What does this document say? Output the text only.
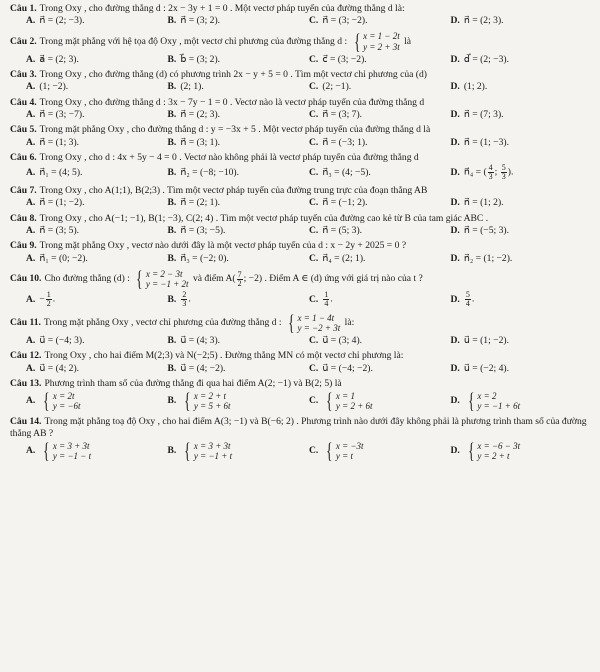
Câu 1. Trong Oxy , cho đường thẳng d : 2x − 3y + 1 = 0 . Một vectơ pháp tuyến của đường thẳng d là:
A. n⃗ = (2; −3).	B. n⃗ = (3; 2).	C. n⃗ = (3; −2).	D. n⃗ = (2; 3).
Câu 2. Trong mặt phẳng với hệ tọa độ Oxy , một vectơ chỉ phương của đường thẳng d : { x = 1 − 2t
y = 2 + 3t là
A. a⃗ = (2; 3).	B. b⃗ = (3; 2).	C. c⃗ = (3; −2).	D. d⃗ = (2; −3).
Câu 3. Trong Oxy , cho đường thẳng (d) có phương trình 2x − y + 5 = 0 . Tìm một vectơ chỉ phương của (d)
A. (1; −2).	B. (2; 1).	C. (2; −1).	D. (1; 2).
Câu 4. Trong Oxy , cho đường thẳng d : 3x − 7y − 1 = 0 . Vectơ nào là vectơ pháp tuyến của đường thẳng d
A. n⃗ = (3; −7).	B. n⃗ = (2; 3).	C. n⃗ = (3; 7).	D. n⃗ = (7; 3).
Câu 5. Trong mặt phẳng Oxy , cho đường thẳng d : y = −3x + 5 . Một vectơ pháp tuyến của đường thẳng d là
A. n⃗ = (1; 3).	B. n⃗ = (3; 1).	C. n⃗ = (−3; 1).	D. n⃗ = (1; −3).
Câu 6. Trong Oxy , cho d : 4x + 5y − 4 = 0 . Vectơ nào không phải là vectơ pháp tuyến của đường thẳng d
A. n⃗₁ = (4; 5).	B. n⃗₂ = (−8; −10).	C. n⃗₃ = (4; −5).	D. n⃗₄ = ( $\frac{4}{3}$ ; $\frac{5}{3}$ ).
Câu 7. Trong Oxy , cho A(1;1), B(2;3) . Tìm một vectơ pháp tuyến của đường trung trực của đoạn thẳng AB
A. n⃗ = (1; −2).	B. n⃗ = (2; 1).	C. n⃗ = (−1; 2).	D. n⃗ = (1; 2).
Câu 8. Trong Oxy , cho A(−1; −1), B(1; −3), C(2; 4) . Tìm một vectơ pháp tuyến của đường cao kẻ từ B của tam giác ABC .
A. n⃗ = (3; 5).	B. n⃗ = (3; −5).	C. n⃗ = (5; 3).	D. n⃗ = (−5; 3).
Câu 9. Trong mặt phẳng Oxy , vectơ nào dưới đây là một vectơ pháp tuyến của d : x − 2y + 2025 = 0 ?
A. n⃗₁ = (0; −2).	B. n⃗₃ = (−2; 0).	C. n⃗₄ = (2; 1).	D. n⃗₂ = (1; −2).
Câu 10. Cho đường thẳng (d) : { x = 2 − 3t
y = −1 + 2t và điểm $A( \frac{7}{2}$ ; −2) . Điểm A ∈ (d) ứng với giá trị nào của t ?
A. − $\frac{1}{2}$ .	B. $\frac{2}{3}$ .	C. $\frac{1}{4}$ .	D. $\frac{5}{4}$ .
Câu 11. Trong mặt phẳng Oxy , vectơ chỉ phương của đường thẳng d : { x = 1 − 4t
y = −2 + 3t là:
A. u⃗ = (−4; 3).	B. u⃗ = (4; 3).	C. u⃗ = (3; 4).	D. u⃗ = (1; −2).
Câu 12. Trong Oxy , cho hai điểm M(2;3) và N(−2;5) . Đường thẳng MN có một vectơ chỉ phương là:
A. u⃗ = (4; 2).	B. u⃗ = (4; −2).	C. u⃗ = (−4; −2).	D. u⃗ = (−2; 4).
Câu 13. Phương trình tham số của đường thẳng đi qua hai điểm A(2; −1) và B(2; 5) là
A. { x = 2t
y = −6t	B. { x = 2 + t
y = 5 + 6t	C. { x = 1
y = 2 + 6t	D. { x = 2
y = −1 + 6t
Câu 14. Trong mặt phẳng toạ độ Oxy , cho hai điểm A(3; −1) và B(−6; 2) . Phương trình nào dưới đây không phải là phương trình tham số của đường thẳng AB ?
A. { x = 3 + 3t
y = −1 − t	B. { x = 3 + 3t
y = −1 + t	C. { x = −3t
y = t	D. { x = −6 − 3t
y = 2 + t
